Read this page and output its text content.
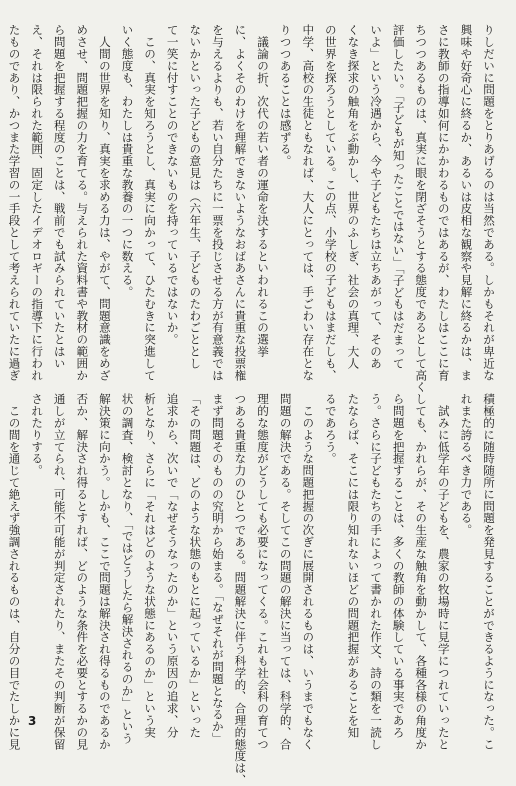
りしだいに問題をとりあげるのは当然である。しかもそれが卑近な
興味や好奇心に終るか、あるいは皮相な観察や見解に終るかは、ま
さに教師の指導如何にかかわるものではあるが、わたしはここに育
ちつつあるものは、真実に眼を閉ざそうとする態度であるとして高く
評価したい。「子どもが知ったことではない」「子どもはだまって
いよ」という冷遇から、今や子どもたちは立ちあがって、そのあ
くなき探求の触角をぶ動かし、世界のふしぎ、社会の真理、大人
の世界を探ろうとしている。この点、小学校の子どもはまだしも、
中学、高校の生徒ともなれば、大人にとっては、手ごわい存在とな
りつつあることは感ずる。
　議論の折、次代の若い者の運命を決するといわれるこの選挙
に、よくそのわけを理解できないようなおばあさんに貴重な投票権
を与えるよりも、若い自分たちに一票を投じさせる方が有意義では
ないかといった子どもの意見は（六年生、子どものたわごととし
て一笑に付すことのできないものを持っているではないか。
　この、真実を知ろうとし、真実に向かって、ひたむきに突進して
いく態度も、わたしは貴重な教養の一つに数える。
　人間の世界を知り、真実を求める力は、やがて、問題意識をめざ
めさせ、問題把握の力を育てる。与えられた資料書や教材の範囲か
ら問題を把握する程度のことは、戦前でも試みられていたとはい
え、それは限られた範囲、固定したイデオロギーの指導下に行われ
たものであり、かつまた学習の一手段として考えられていたに過ぎ
積極的に随時随所に問題を発見することができるようになった。こ
れまた誇るべき力である。
　試みに低学年の子どもを、農家の牧場時に見学につれていったと
しても、かれらが、その生産な触角を動かして、各種各様の角度か
ら問題を把握することは、多くの教師の体験している事実であろ
う。さらに子どもたちの手によって書かれた作文、詩の類を一読し
たならば、そこには限り知れないほどの問題把握があることを知
るであろう。
　このような問題把握の次ぎに展開されるものは、いうまでもなく
問題の解決である。そしてこの問題の解決に当っては、科学的、合
理的な態度がどうしても必要になってくる。これも社会科の育てつ
つある貴重な力のひとつである。問題解決に伴う科学的、合理的態度は、
まず問題そのものの究明から始まる。「なぜそれが問題となるか」
「その問題は、どのような状態のもとに起っているか」といった
追求から、次いで「なぜそうなったのか」という原因の追求、分
析となり、さらに「それはどのような状態にあるのか」という実
状の調査、検討となり、「ではどうしたら解決されるのか」という
解決策に向かう。しかも、ここで問題は解決され得るものであるか
否か、解決され得るとすれば、どのような条件を必要とするかの見
通しが立てられ、可能不可能が判定されたり、またその判断が保留
されたりする。
　この間を通じて絶えず強調されるものは、自分の目でたしかに見 3
